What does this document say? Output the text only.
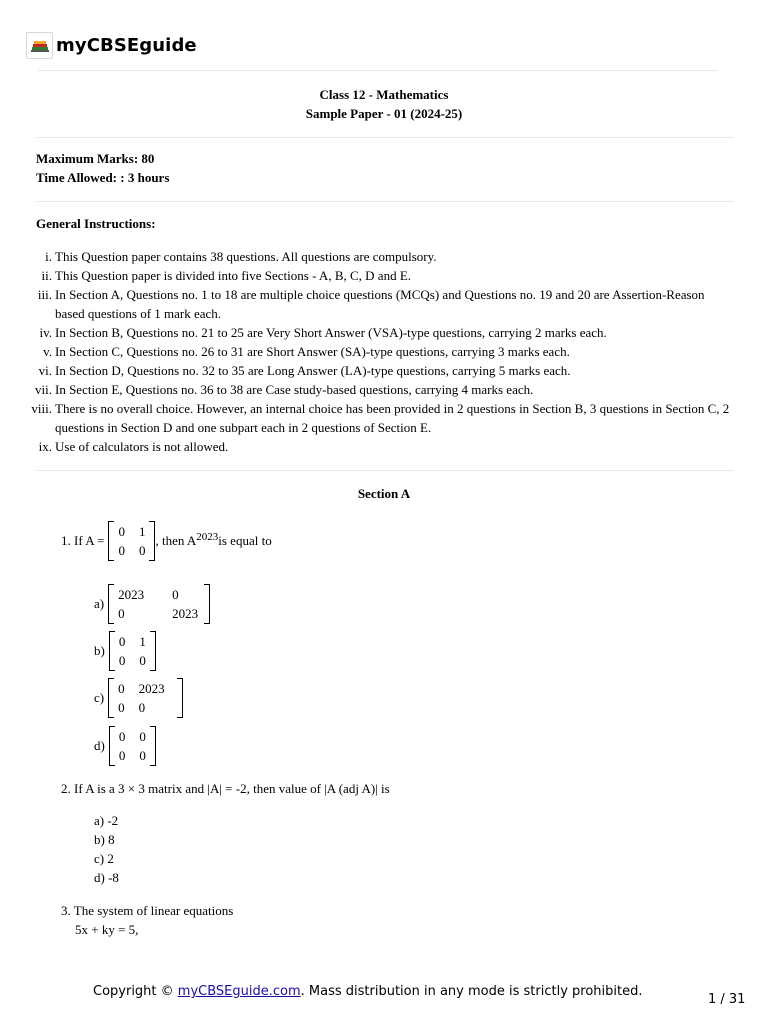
myCBSEguide
Class 12 - Mathematics
Sample Paper - 01 (2024-25)
Maximum Marks: 80
Time Allowed: : 3 hours
General Instructions:
i. This Question paper contains 38 questions. All questions are compulsory.
ii. This Question paper is divided into five Sections - A, B, C, D and E.
iii. In Section A, Questions no. 1 to 18 are multiple choice questions (MCQs) and Questions no. 19 and 20 are Assertion-Reason based questions of 1 mark each.
iv. In Section B, Questions no. 21 to 25 are Very Short Answer (VSA)-type questions, carrying 2 marks each.
v. In Section C, Questions no. 26 to 31 are Short Answer (SA)-type questions, carrying 3 marks each.
vi. In Section D, Questions no. 32 to 35 are Long Answer (LA)-type questions, carrying 5 marks each.
vii. In Section E, Questions no. 36 to 38 are Case study-based questions, carrying 4 marks each.
viii. There is no overall choice. However, an internal choice has been provided in 2 questions in Section B, 3 questions in Section C, 2 questions in Section D and one subpart each in 2 questions of Section E.
ix. Use of calculators is not allowed.
Section A
1. If A =
0 1
0 0
, then $A^{2023}$ is equal to
a)
2023	0
0	2023
b)
0 1
0 0
c)
0 2023
0 0
d)
0 0
0 0
2. If A is a 3 × 3 matrix and |A| = -2, then value of |A (adj A)| is
a) -2
b) 8
c) 2
d) -8
3. The system of linear equations
5x + ky = 5,
Copyright © myCBSEguide.com. Mass distribution in any mode is strictly prohibited.
1 / 31
